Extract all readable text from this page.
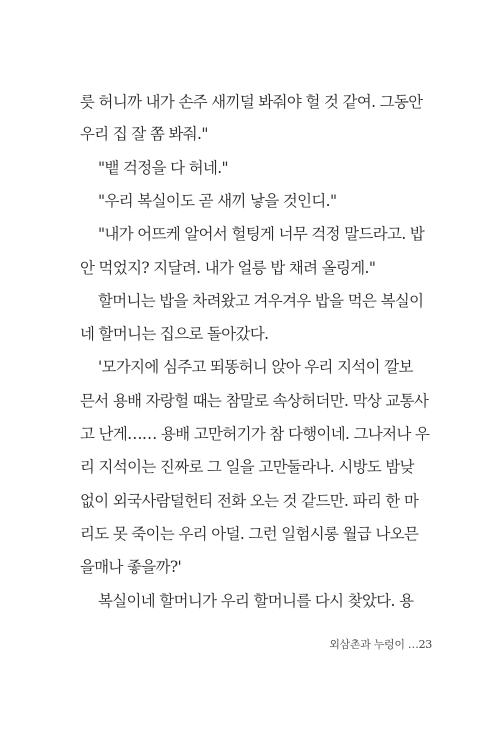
릇 허니까 내가 손주 새끼덜 봐줘야 헐 것 같여. 그동안
우리 집 잘 쫌 봐줘."
"뱉 걱정을 다 허네."
"우리 복실이도 곧 새끼 낳을 것인디."
"내가 어뜨케 알어서 헐팅게 너무 걱정 말드라고. 밥
안 먹었지? 지달려. 내가 얼릉 밥 채려 올링게."
할머니는 밥을 차려왔고 겨우겨우 밥을 먹은 복실이
네 할머니는 집으로 돌아갔다.
'모가지에 심주고 뙤똥허니 앉아 우리 지석이 깔보
믄서 용배 자랑헐 때는 참말로 속상허더만. 막상 교통사
고 난게…… 용배 고만허기가 참 다행이네. 그나저나 우
리 지석이는 진짜로 그 일을 고만둘라나. 시방도 밤낮
없이 외국사람덜헌티 전화 오는 것 같드만. 파리 한 마
리도 못 죽이는 우리 아덜. 그런 일험시롱 월급 나오믄
을매나 좋을까?'
복실이네 할머니가 우리 할머니를 다시 찾았다. 용
외삼촌과 누렁이 …23
